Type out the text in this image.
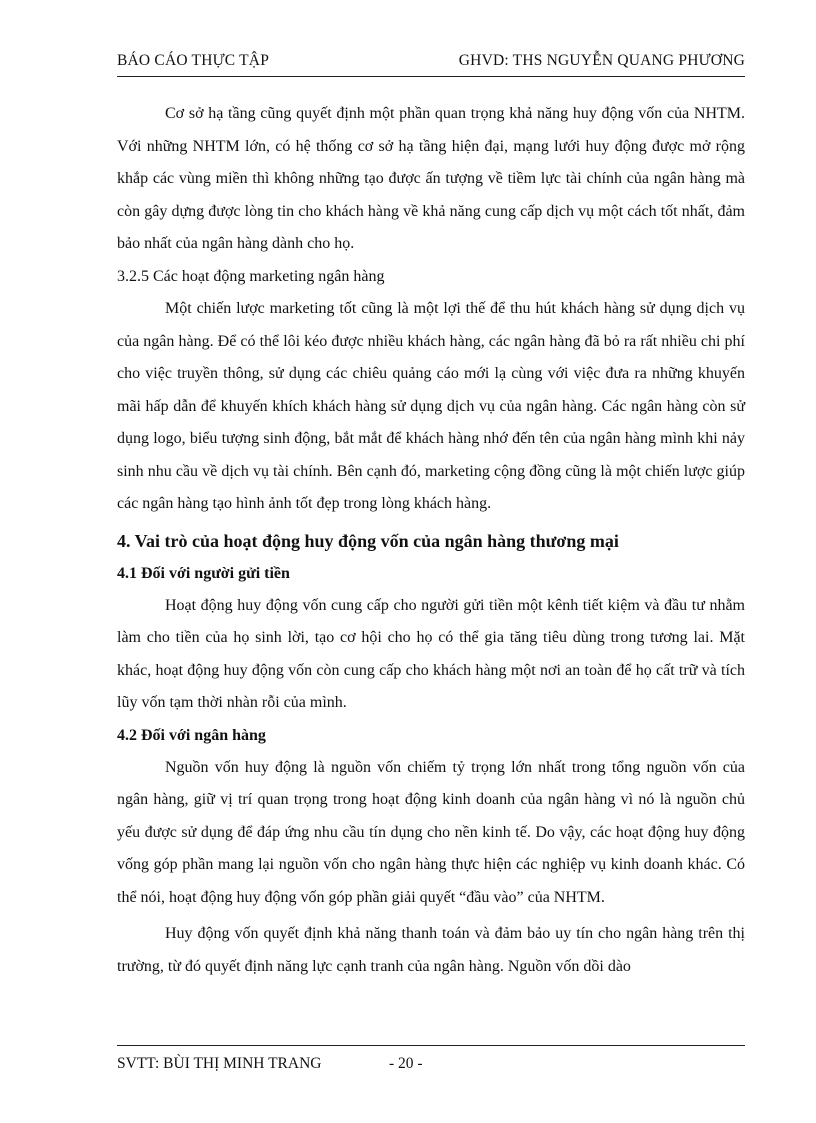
BÁO CÁO THỰC TẬP	GHVD: THS NGUYỄN QUANG PHƯƠNG

Cơ sở hạ tầng cũng quyết định một phần quan trọng khả năng huy động vốn của NHTM. Với những NHTM lớn, có hệ thống cơ sở hạ tầng hiện đại, mạng lưới huy động được mở rộng khắp các vùng miền thì không những tạo được ấn tượng về tiềm lực tài chính của ngân hàng mà còn gây dựng được lòng tin cho khách hàng về khả năng cung cấp dịch vụ một cách tốt nhất, đảm bảo nhất của ngân hàng dành cho họ.

3.2.5 Các hoạt động marketing ngân hàng

Một chiến lược marketing tốt cũng là một lợi thế để thu hút khách hàng sử dụng dịch vụ của ngân hàng. Để có thể lôi kéo được nhiều khách hàng, các ngân hàng đã bỏ ra rất nhiều chi phí cho việc truyền thông, sử dụng các chiêu quảng cáo mới lạ cùng với việc đưa ra những khuyến mãi hấp dẫn để khuyến khích khách hàng sử dụng dịch vụ của ngân hàng. Các ngân hàng còn sử dụng logo, biểu tượng sinh động, bắt mắt để khách hàng nhớ đến tên của ngân hàng mình khi nảy sinh nhu cầu về dịch vụ tài chính. Bên cạnh đó, marketing cộng đồng cũng là một chiến lược giúp các ngân hàng tạo hình ảnh tốt đẹp trong lòng khách hàng.

4. Vai trò của hoạt động huy động vốn của ngân hàng thương mại

4.1 Đối với người gửi tiền

Hoạt động huy động vốn cung cấp cho người gửi tiền một kênh tiết kiệm và đầu tư nhằm làm cho tiền của họ sinh lời, tạo cơ hội cho họ có thể gia tăng tiêu dùng trong tương lai. Mặt khác, hoạt động huy động vốn còn cung cấp cho khách hàng một nơi an toàn để họ cất trữ và tích lũy vốn tạm thời nhàn rỗi của mình.

4.2 Đối với ngân hàng

Nguồn vốn huy động là nguồn vốn chiếm tỷ trọng lớn nhất trong tổng nguồn vốn của ngân hàng, giữ vị trí quan trọng trong hoạt động kinh doanh của ngân hàng vì nó là nguồn chủ yếu được sử dụng để đáp ứng nhu cầu tín dụng cho nền kinh tế. Do vậy, các hoạt động huy động vống góp phần mang lại nguồn vốn cho ngân hàng thực hiện các nghiệp vụ kinh doanh khác. Có thể nói, hoạt động huy động vốn góp phần giải quyết “đầu vào” của NHTM.

Huy động vốn quyết định khả năng thanh toán và đảm bảo uy tín cho ngân hàng trên thị trường, từ đó quyết định năng lực cạnh tranh của ngân hàng. Nguồn vốn dồi dào

SVTT: BÙI THỊ MINH TRANG	- 20 -
